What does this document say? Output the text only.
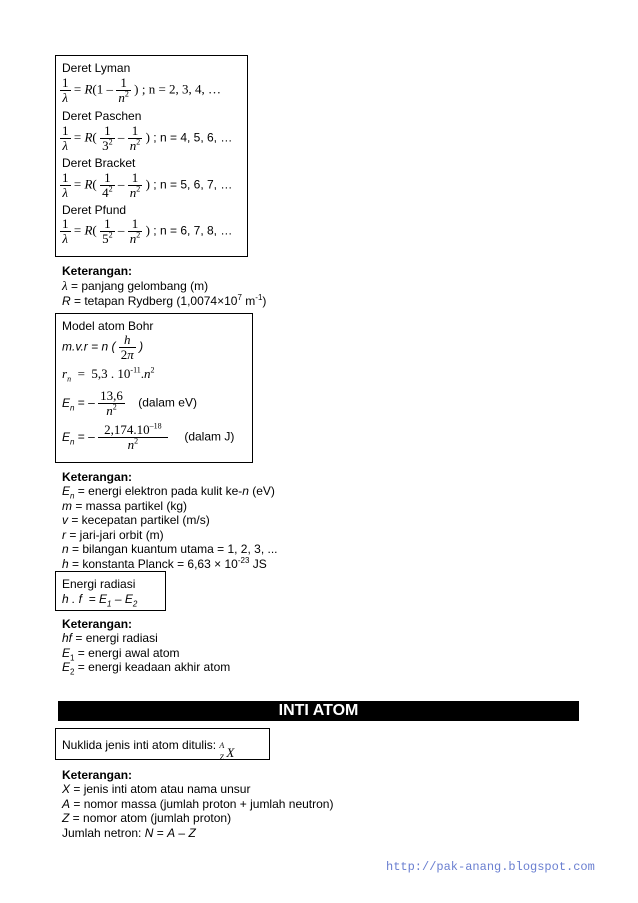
Deret Lyman
$\frac{1}{\lambda} = R(1 - \frac{1}{n^2}$ ) ; n = 2, 3, 4, …
Deret Paschen
$\frac{1}{\lambda} = R( \frac{1}{3^2} - \frac{1}{n^2}$ ) ; n = 4, 5, 6, …
Deret Bracket
$\frac{1}{\lambda} = R( \frac{1}{4^2} - \frac{1}{n^2}$ ) ; n = 5, 6, 7, …
Deret Pfund
$\frac{1}{\lambda} = R( \frac{1}{5^2} - \frac{1}{n^2}$ ) ; n = 6, 7, 8, …
Keterangan:
λ = panjang gelombang (m)
R = tetapan Rydberg ($1,0074\times 10^7$ $m^{-1}$)
Model atom Bohr
m.v.r = n ( $\frac{h}{2\pi}$ )
$r_n = 5,3$ . $10^{-11}.n^2$
$E_n$ = – $\frac{13,6}{n^2}$ (dalam eV)
$E_n$ = – $\frac{2,174.10^{-18}}{n^2}$ (dalam J)
Keterangan:
$E_n$ = energi elektron pada kulit ke-n (eV)
m = massa partikel (kg)
v = kecepatan partikel (m/s)
r = jari-jari orbit (m)
n = bilangan kuantum utama = 1, 2, 3, ...
h = konstanta Planck = $6,63 \times 10^{-23}$ JS
Energi radiasi
h . $f = E_1 - E_2$
Keterangan:
hf = energi radiasi
$E_1$ = energi awal atom
$E_2$ = energi keadaan akhir atom
INTI ATOM
Nuklida jenis inti atom ditulis: A
Z X
Keterangan:
X = jenis inti atom atau nama unsur
A = nomor massa (jumlah proton + jumlah neutron)
Z = nomor atom (jumlah proton)
Jumlah netron: N = A – Z
http://pak-anang.blogspot.com
